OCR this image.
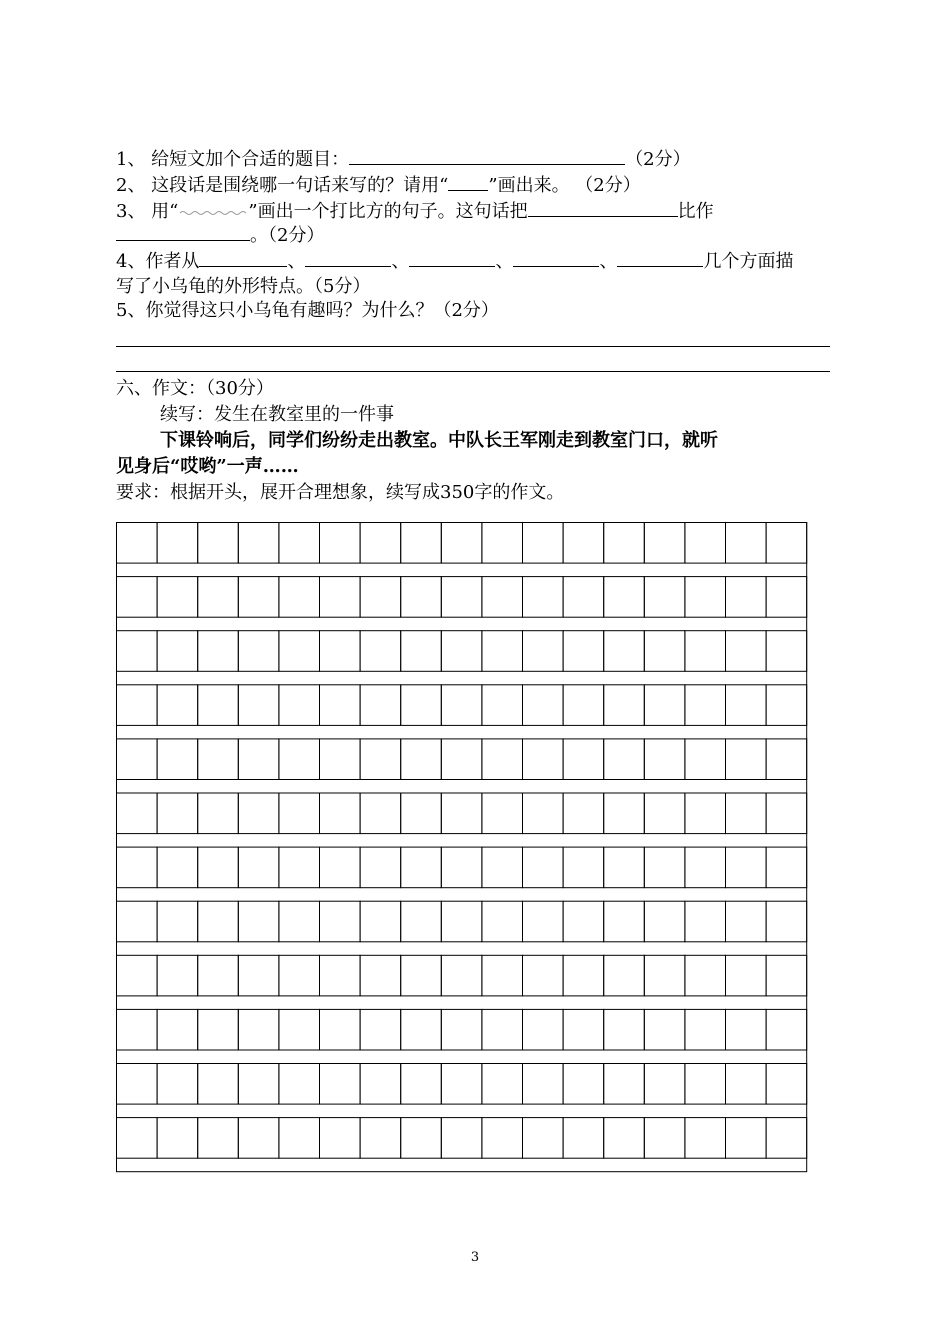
1、 给短文加个合适的题目：	（2分）
2、 这段话是围绕哪一句话来写的？请用“ ”画出来。 （2分）
3、 用“	”画出一个打比方的句子。这句话把	比作
。（2分）
4、作者从	、	、	、	、	几个方面描
写了小乌龟的外形特点。（5分）
5、你觉得这只小乌龟有趣吗？为什么？（2分）
六、作文：（30分）
续写：发生在教室里的一件事
下课铃响后，同学们纷纷走出教室。中队长王军刚走到教室门口，就听
见身后“哎哟”一声……
要求：根据开头，展开合理想象，续写成350字的作文。
3
